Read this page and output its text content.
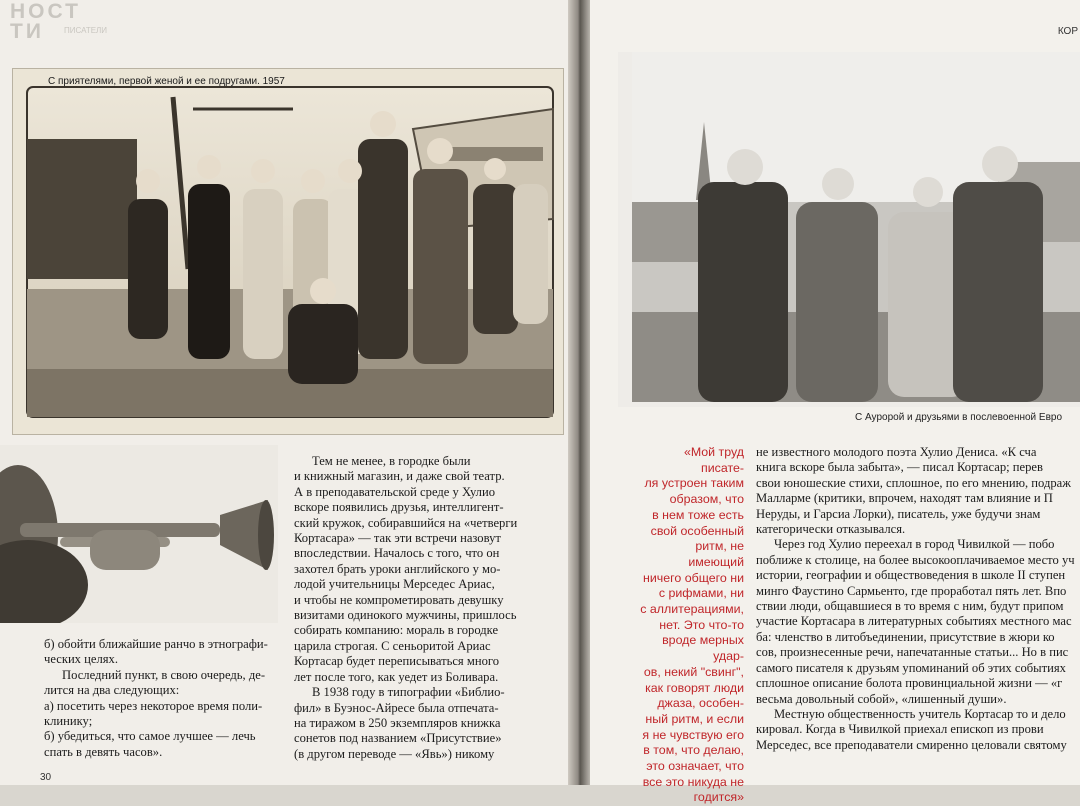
НОСТ
ТИ	ПИСАТЕЛИ	КОР
С приятелями, первой женой и ее подругами. 1957
С Ауророй и друзьями в послевоенной Евро

б) обойти ближайшие ранчо в этнографи-

ческих целях.

Последний пункт, в свою очередь, де-

лится на два следующих:

а) посетить через некоторое время поли-

клинику;

б) убедиться, что самое лучшее — лечь

спать в девять часов».

Тем не менее, в городке были

и книжный магазин, и даже свой театр.

А в преподавательской среде у Хулио

вскоре появились друзья, интеллигент-

ский кружок, собиравшийся на «четверги

Кортасара» — так эти встречи назовут

впоследствии. Началось с того, что он

захотел брать уроки английского у мо-

лодой учительницы Мерседес Ариас,

и чтобы не компрометировать девушку

визитами одинокого мужчины, пришлось

собирать компанию: мораль в городке

царила строгая. С сеньоритой Ариас

Кортасар будет переписываться много

лет после того, как уедет из Боливара.

В 1938 году в типографии «Библио-

фил» в Буэнос-Айресе была отпечата-

на тиражом в 250 экземпляров книжка

сонетов под названием «Присутствие»

(в другом переводе — «Явь») никому

«Мой труд писате-
ля устроен таким
образом, что
в нем тоже есть
свой особенный
ритм, не имеющий
ничего общего ни
с рифмами, ни
с аллитерациями,
нет. Это что-то
вроде мерных удар-
ов, некий "свинг",
как говорят люди
джаза, особен-
ный ритм, и если
я не чувствую его
в том, что делаю,
это означает, что
все это никуда не
годится»

не известного молодого поэта Хулио Дениса. «К сча

книга вскоре была забыта», — писал Кортасар; перев

свои юношеские стихи, сплошное, по его мнению, подраж

Малларме (критики, впрочем, находят там влияние и П

Неруды, и Гарсиа Лорки), писатель, уже будучи знам

категорически отказывался.

Через год Хулио переехал в город Чивилкой — побо

поближе к столице, на более высокооплачиваемое место уч

истории, географии и обществоведения в школе II ступен

минго Фаустино Сармьенто, где проработал пять лет. Впо

ствии люди, общавшиеся в то время с ним, будут припом

участие Кортасара в литературных событиях местного мас

ба: членство в литобъединении, присутствие в жюри ко

сов, произнесенные речи, напечатанные статьи... Но в пис

самого писателя к друзьям упоминаний об этих событиях

сплошное описание болота провинциальной жизни — «г

весьма довольный собой», «лишенный души».

Местную общественность учитель Кортасар то и дело

кировал. Когда в Чивилкой приехал епископ из прови

Мерседес, все преподаватели смиренно целовали святому

30
